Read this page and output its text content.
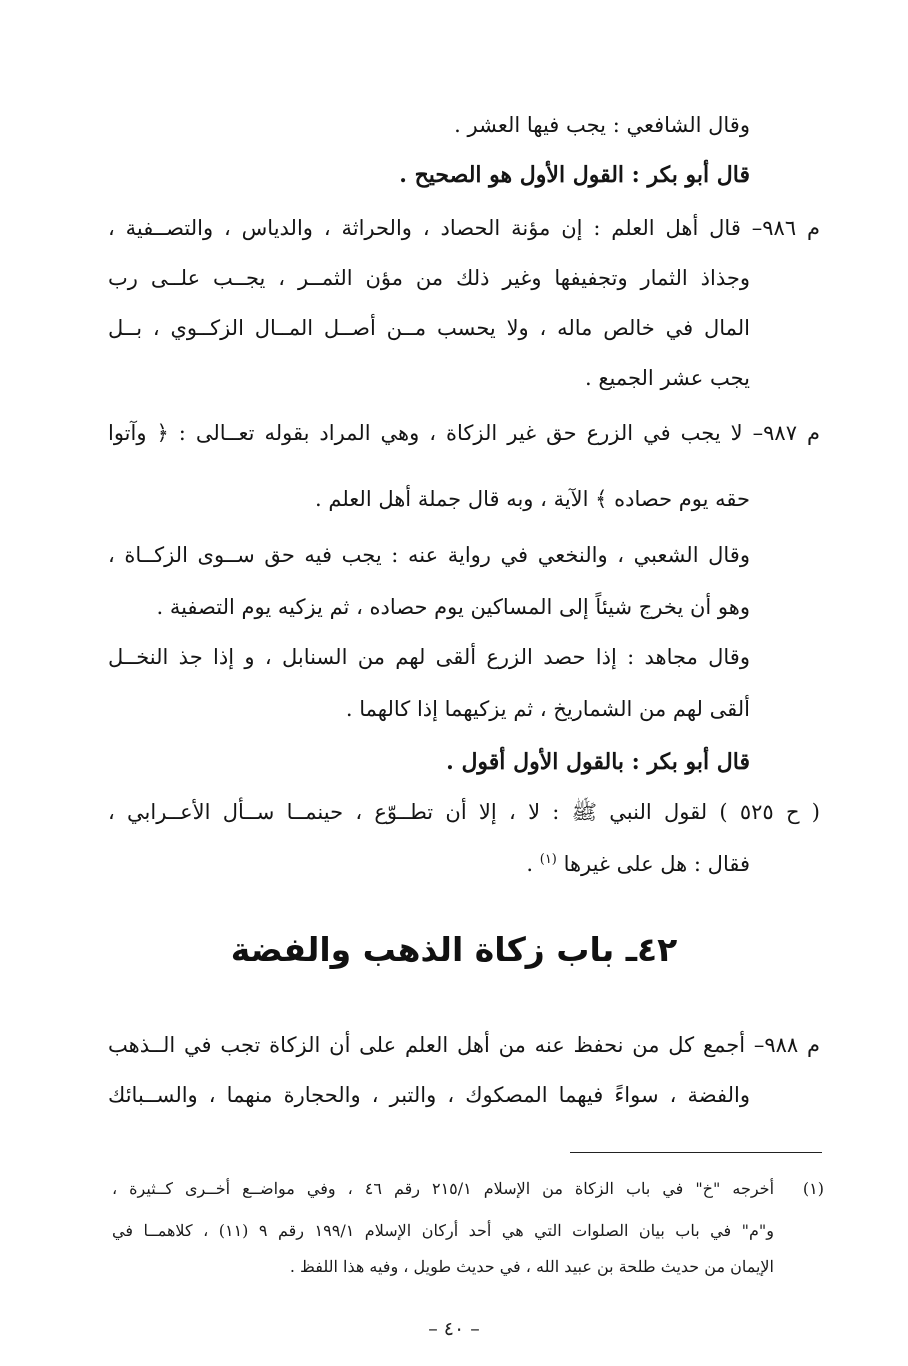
وقال الشافعي : يجب فيها العشر .
قال أبو بكر : القول الأول هو الصحيح .
م ٩٨٦– قال أهل العلم : إن مؤنة الحصاد ، والحراثة ، والدياس ، والتصــفية ،
وجذاذ الثمار وتجفيفها وغير ذلك من مؤن الثمــر ، يجــب علــى رب
المال في خالص ماله ، ولا يحسب مــن أصــل المــال الزكــوي ، بــل
يجب عشر الجميع .
م ٩٨٧– لا يجب في الزرع حق غير الزكاة ، وهي المراد بقوله تعــالى : ﴿ وآتوا
حقه يوم حصاده ﴾ الآية ، وبه قال جملة أهل العلم .
وقال الشعبي ، والنخعي في رواية عنه : يجب فيه حق ســوى الزكــاة ،
وهو أن يخرج شيئاً إلى المساكين يوم حصاده ، ثم يزكيه يوم التصفية .
وقال مجاهد : إذا حصد الزرع ألقى لهم من السنابل ، و إذا جذ النخــل
ألقى لهم من الشماريخ ، ثم يزكيهما إذا كالهما .
قال أبو بكر : بالقول الأول أقول .
( ح ٥٢٥ ) لقول النبي ﷺ : لا ، إلا أن تطــوّع ، حينمــا ســأل الأعــرابي ،
فقال : هل على غيرها $^{(١)}$ .
٤٢ـ باب زكاة الذهب والفضة
م ٩٨٨– أجمع كل من نحفظ عنه من أهل العلم على أن الزكاة تجب في الــذهب
والفضة ، سواءً فيهما المصكوك ، والتبر ، والحجارة منهما ، والســبائك
(١)
أخرجه "خ" في باب الزكاة من الإسلام ٢١٥/١ رقم ٤٦ ، وفي مواضــع أخــرى كــثيرة ،
و"م" في باب بيان الصلوات التي هي أحد أركان الإسلام ١٩٩/١ رقم ٩ (١١) ، كلاهمــا في
الإيمان من حديث طلحة بن عبيد الله ، في حديث طويل ، وفيه هذا اللفظ .
– ٤٠ –
